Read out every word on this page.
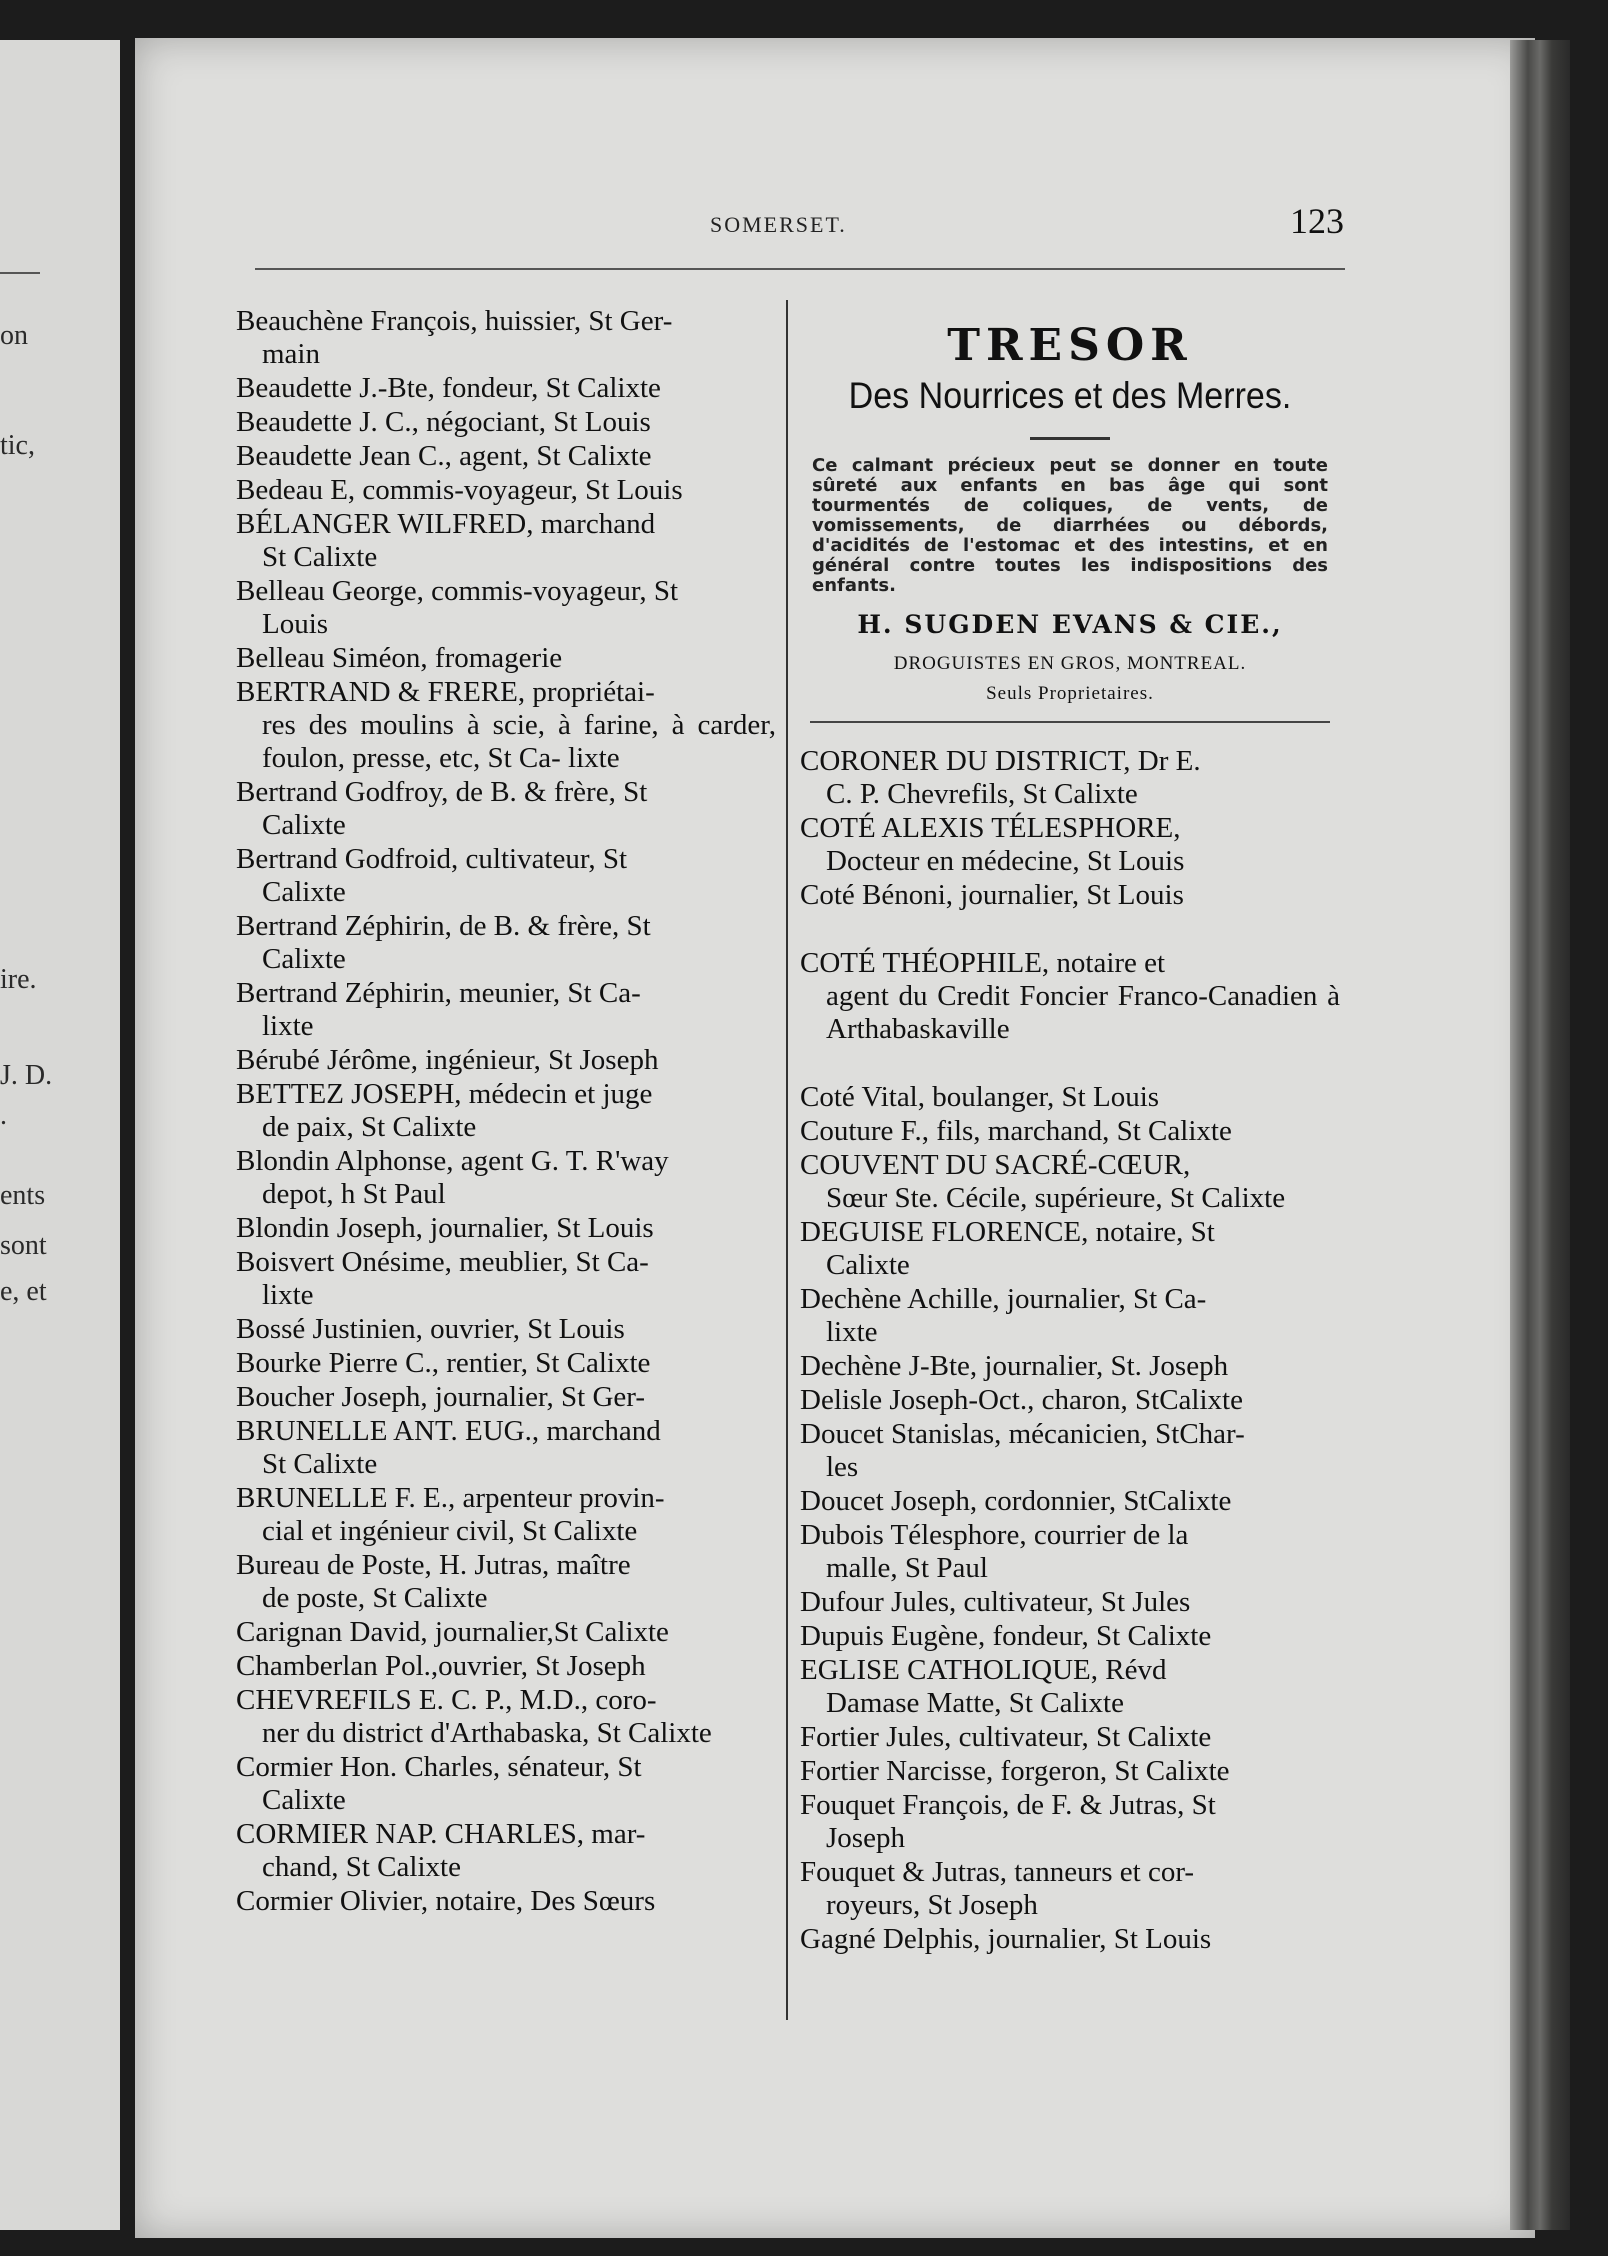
on
tic,
ire.
J. D.
.
ents
sont
e, et
SOMERSET.	123
Beauchène François, huissier, St Ger-
main
Beaudette J.-Bte, fondeur, St Calixte
Beaudette J. C., négociant, St Louis
Beaudette Jean C., agent, St Calixte
Bedeau E, commis-voyageur, St Louis
BÉLANGER WILFRED, marchand
St Calixte
Belleau George, commis-voyageur, St
Louis
Belleau Siméon, fromagerie
BERTRAND & FRERE, propriétai-
res des moulins à scie, à farine, à carder, foulon, presse, etc, St Ca- lixte
Bertrand Godfroy, de B. & frère, St
Calixte
Bertrand Godfroid, cultivateur, St
Calixte
Bertrand Zéphirin, de B. & frère, St
Calixte
Bertrand Zéphirin, meunier, St Ca-
lixte
Bérubé Jérôme, ingénieur, St Joseph
BETTEZ JOSEPH, médecin et juge
de paix, St Calixte
Blondin Alphonse, agent G. T. R'way
depot, h St Paul
Blondin Joseph, journalier, St Louis
Boisvert Onésime, meublier, St Ca-
lixte
Bossé Justinien, ouvrier, St Louis
Bourke Pierre C., rentier, St Calixte
Boucher Joseph, journalier, St Ger-
BRUNELLE ANT. EUG., marchand
St Calixte
BRUNELLE F. E., arpenteur provin-
cial et ingénieur civil, St Calixte
Bureau de Poste, H. Jutras, maître
de poste, St Calixte
Carignan David, journalier,St Calixte
Chamberlan Pol.,ouvrier, St Joseph
CHEVREFILS E. C. P., M.D., coro-
ner du district d'Arthabaska, St Calixte
Cormier Hon. Charles, sénateur, St
Calixte
CORMIER NAP. CHARLES, mar-
chand, St Calixte
Cormier Olivier, notaire, Des Sœurs
TRESOR
Des Nourrices et des Merres.
Ce calmant précieux peut se donner en toute sûreté aux enfants en bas âge qui sont tourmentés de coliques, de vents, de vomissements, de diarrhées ou débords, d'acidités de l'estomac et des intestins, et en général contre toutes les indispositions des enfants.
H. SUGDEN EVANS & CIE.,
DROGUISTES EN GROS, MONTREAL.
Seuls Proprietaires.
CORONER DU DISTRICT, Dr E.
C. P. Chevrefils, St Calixte
COTÉ ALEXIS TÉLESPHORE,
Docteur en médecine, St Louis
Coté Bénoni, journalier, St Louis
COTÉ THÉOPHILE, notaire et
agent du Credit Foncier Franco-Canadien à Arthabaskaville
Coté Vital, boulanger, St Louis
Couture F., fils, marchand, St Calixte
COUVENT DU SACRÉ-CŒUR,
Sœur Ste. Cécile, supérieure, St Calixte
DEGUISE FLORENCE, notaire, St
Calixte
Dechène Achille, journalier, St Ca-
lixte
Dechène J-Bte, journalier, St. Joseph
Delisle Joseph-Oct., charon, StCalixte
Doucet Stanislas, mécanicien, StChar-
les
Doucet Joseph, cordonnier, StCalixte
Dubois Télesphore, courrier de la
malle, St Paul
Dufour Jules, cultivateur, St Jules
Dupuis Eugène, fondeur, St Calixte
EGLISE CATHOLIQUE, Révd
Damase Matte, St Calixte
Fortier Jules, cultivateur, St Calixte
Fortier Narcisse, forgeron, St Calixte
Fouquet François, de F. & Jutras, St
Joseph
Fouquet & Jutras, tanneurs et cor-
royeurs, St Joseph
Gagné Delphis, journalier, St Louis
